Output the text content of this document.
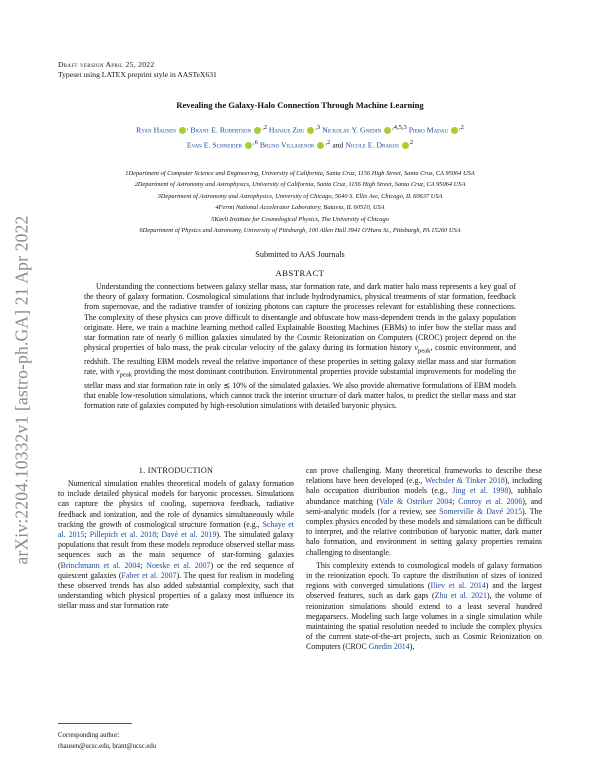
arXiv:2204.10332v1 [astro-ph.GA] 21 Apr 2022
Draft version April 25, 2022
Typeset using LATEX preprint style in AASTeX631
Revealing the Galaxy-Halo Connection Through Machine Learning
Ryan Hausen , Brant E. Robertson $^{,2}$ Hanjue Zhu $^{,3}$ Nickolay Y. Gnedin $^{,4,5,3}$ Piero Madau $^{,2}$
Evan E. Schneider $^{,6}$ Bruno Villasenor $^{,2}$ and Nicole E. Drakos $^2$
1Department of Computer Science and Engineering, University of California, Santa Cruz, 1156 High Street, Santa Cruz, CA 95064 USA
2Department of Astronomy and Astrophysics, University of California, Santa Cruz, 1156 High Street, Santa Cruz, CA 95064 USA
3Department of Astronomy and Astrophysics, University of Chicago, 5640 S. Ellis Ave, Chicago, IL 60637 USA
4Fermi National Accelerator Laboratory, Batavia, IL 60510, USA
5Kavli Institute for Cosmological Physics, The University of Chicago
6Department of Physics and Astronomy, University of Pittsburgh, 100 Allen Hall 3941 O'Hara St., Pittsburgh, PA 15260 USA
Submitted to AAS Journals
ABSTRACT
Understanding the connections between galaxy stellar mass, star formation rate, and dark matter halo mass represents a key goal of the theory of galaxy formation. Cosmological simulations that include hydrodynamics, physical treatments of star formation, feedback from supernovae, and the radiative transfer of ionizing photons can capture the processes relevant for establishing these connections. The complexity of these physics can prove difficult to disentangle and obfuscate how mass-dependent trends in the galaxy population originate. Here, we train a machine learning method called Explainable Boosting Machines (EBMs) to infer how the stellar mass and star formation rate of nearly 6 million galaxies simulated by the Cosmic Reionization on Computers (CROC) project depend on the physical properties of halo mass, the peak circular velocity of the galaxy during its formation history $v_{peak}$, cosmic environment, and redshift. The resulting EBM models reveal the relative importance of these properties in setting galaxy stellar mass and star formation rate, with $v_{peak}$ providing the most dominant contribution. Environmental properties provide substantial improvements for modeling the stellar mass and star formation rate in only ≲ 10% of the simulated galaxies. We also provide alternative formulations of EBM models that enable low-resolution simulations, which cannot track the interior structure of dark matter halos, to predict the stellar mass and star formation rate of galaxies computed by high-resolution simulations with detailed baryonic physics.
1. INTRODUCTION

Numerical simulation enables theoretical models of galaxy formation to include detailed physical models for baryonic processes. Simulations can capture the physics of cooling, supernova feedback, radiative feedback and ionization, and the role of dynamics simultaneously while tracking the growth of cosmological structure formation (e.g., Schaye et al. 2015; Pillepich et al. 2018; Davé et al. 2019). The simulated galaxy populations that result from these models reproduce observed stellar mass sequences such as the main sequence of star-forming galaxies (Brinchmann et al. 2004; Noeske et al. 2007) or the red sequence of quiescent galaxies (Faber et al. 2007). The quest for realism in modeling these observed trends has also added substantial complexity, such that understanding which physical properties of a galaxy most influence its stellar mass and star formation rate

can prove challenging. Many theoretical frameworks to describe these relations have been developed (e.g., Wechsler & Tinker 2018), including halo occupation distribution models (e.g., Jing et al. 1998), subhalo abundance matching (Vale & Ostriker 2004; Conroy et al. 2006), and semi-analytic models (for a review, see Somerville & Davé 2015). The complex physics encoded by these models and simulations can be difficult to interpret, and the relative contribution of baryonic matter, dark matter halo formation, and environment in setting galaxy properties remains challenging to disentangle.

This complexity extends to cosmological models of galaxy formation in the reionization epoch. To capture the distribution of sizes of ionized regions with converged simulations (Iliev et al. 2014) and the largest observed features, such as dark gaps (Zhu et al. 2021), the volume of reionization simulations should extend to a least several hundred megaparsecs. Modeling such large volumes in a single simulation while maintaining the spatial resolution needed to include the complex physics of the current state-of-the-art projects, such as Cosmic Reionization on Computers (CROC Gnedin 2014),

Corresponding author:
rhausen@ucsc.edu, brant@ucsc.edu
